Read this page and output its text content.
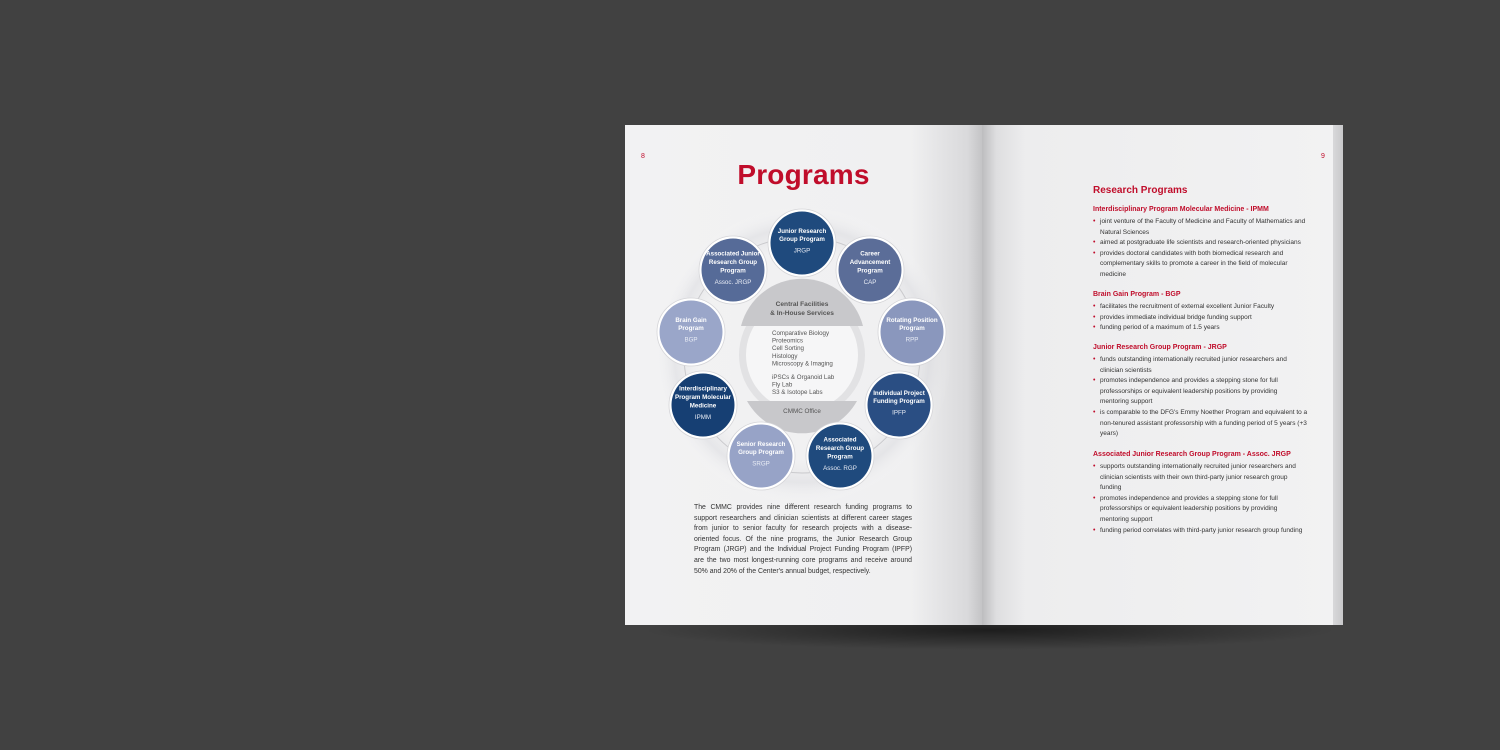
8
Programs
Central Facilities
& In-House Services
Comparative Biology
Proteomics
Cell Sorting
Histology
Microscopy & Imaging
iPSCs & Organoid Lab
Fly Lab
S3 & Isotope Labs
CMMC Office
Junior Research
Group Program
JRGP	Career
Advancement
Program
CAP
Rotating Position
Program
RPP
Individual Project
Funding Program
IPFP
Associated
Research Group
Program
Assoc. RGP
Senior Research
Group Program
SRGP
Interdisciplinary
Program Molecular
Medicine
IPMM
Brain Gain
Program
BGP
Associated Junior
Research Group
Program
Assoc. JRGP
The CMMC provides nine different research funding programs to support researchers and clinician scientists at different career stages from junior to senior faculty for research projects with a disease-oriented focus. Of the nine programs, the Junior Research Group Program (JRGP) and the Individual Project Funding Program (IPFP) are the two most longest-running core programs and receive around 50% and 20% of the Center's annual budget, respectively.
9
Research Programs
Interdisciplinary Program Molecular Medicine - IPMM
• joint venture of the Faculty of Medicine and Faculty of Mathematics and Natural Sciences
• aimed at postgraduate life scientists and research-oriented physicians
• provides doctoral candidates with both biomedical research and complementary skills to promote a career in the field of molecular medicine
Brain Gain Program - BGP
• facilitates the recruitment of external excellent Junior Faculty
• provides immediate individual bridge funding support
• funding period of a maximum of 1.5 years
Junior Research Group Program - JRGP
• funds outstanding internationally recruited junior researchers and clinician scientists
• promotes independence and provides a stepping stone for full professorships or equivalent leadership positions by providing mentoring support
• is comparable to the DFG's Emmy Noether Program and equivalent to a non-tenured assistant professorship with a funding period of 5 years (+3 years)
Associated Junior Research Group Program - Assoc. JRGP
• supports outstanding internationally recruited junior researchers and clinician scientists with their own third-party junior research group funding
• promotes independence and provides a stepping stone for full professorships or equivalent leadership positions by providing mentoring support
• funding period correlates with third-party junior research group funding
